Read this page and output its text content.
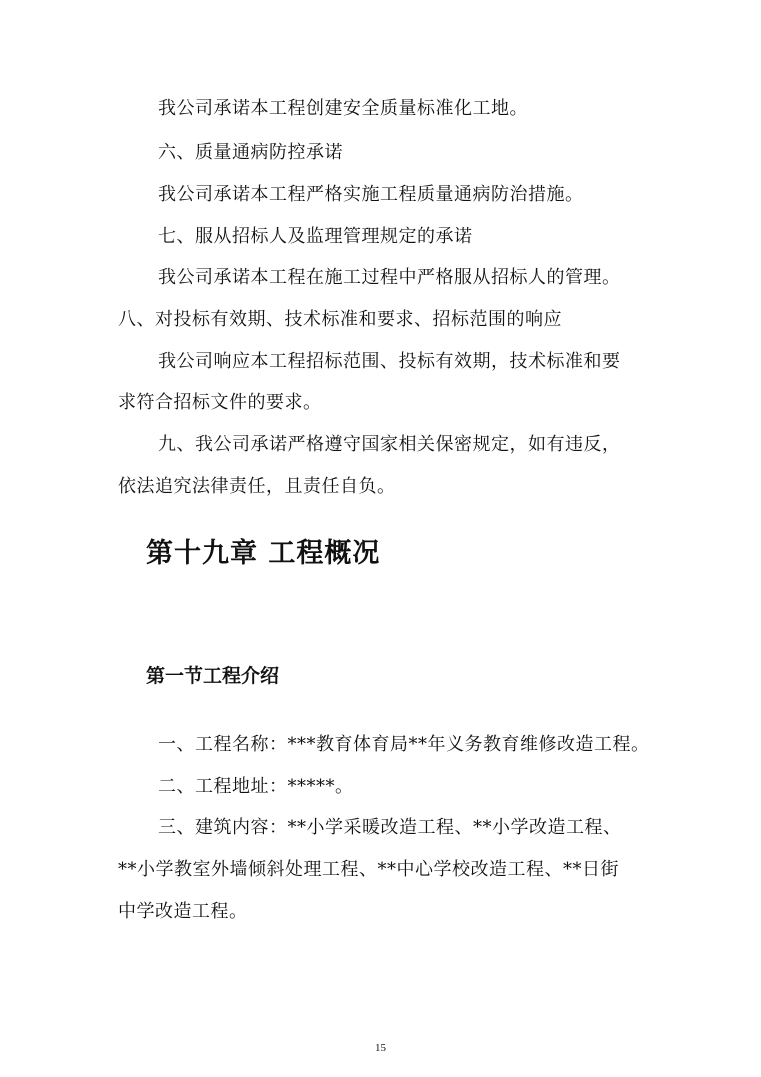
我公司承诺本工程创建安全质量标准化工地。
六、质量通病防控承诺
我公司承诺本工程严格实施工程质量通病防治措施。
七、服从招标人及监理管理规定的承诺
我公司承诺本工程在施工过程中严格服从招标人的管理。
八、对投标有效期、技术标准和要求、招标范围的响应
我公司响应本工程招标范围、投标有效期，技术标准和要
求符合招标文件的要求。
九、我公司承诺严格遵守国家相关保密规定，如有违反，
依法追究法律责任，且责任自负。
第十九章 工程概况
第一节工程介绍
一、工程名称：***教育体育局**年义务教育维修改造工程。
二、工程地址：*****。
三、建筑内容：**小学采暖改造工程、**小学改造工程、
**小学教室外墙倾斜处理工程、**中心学校改造工程、**日街
中学改造工程。
15
